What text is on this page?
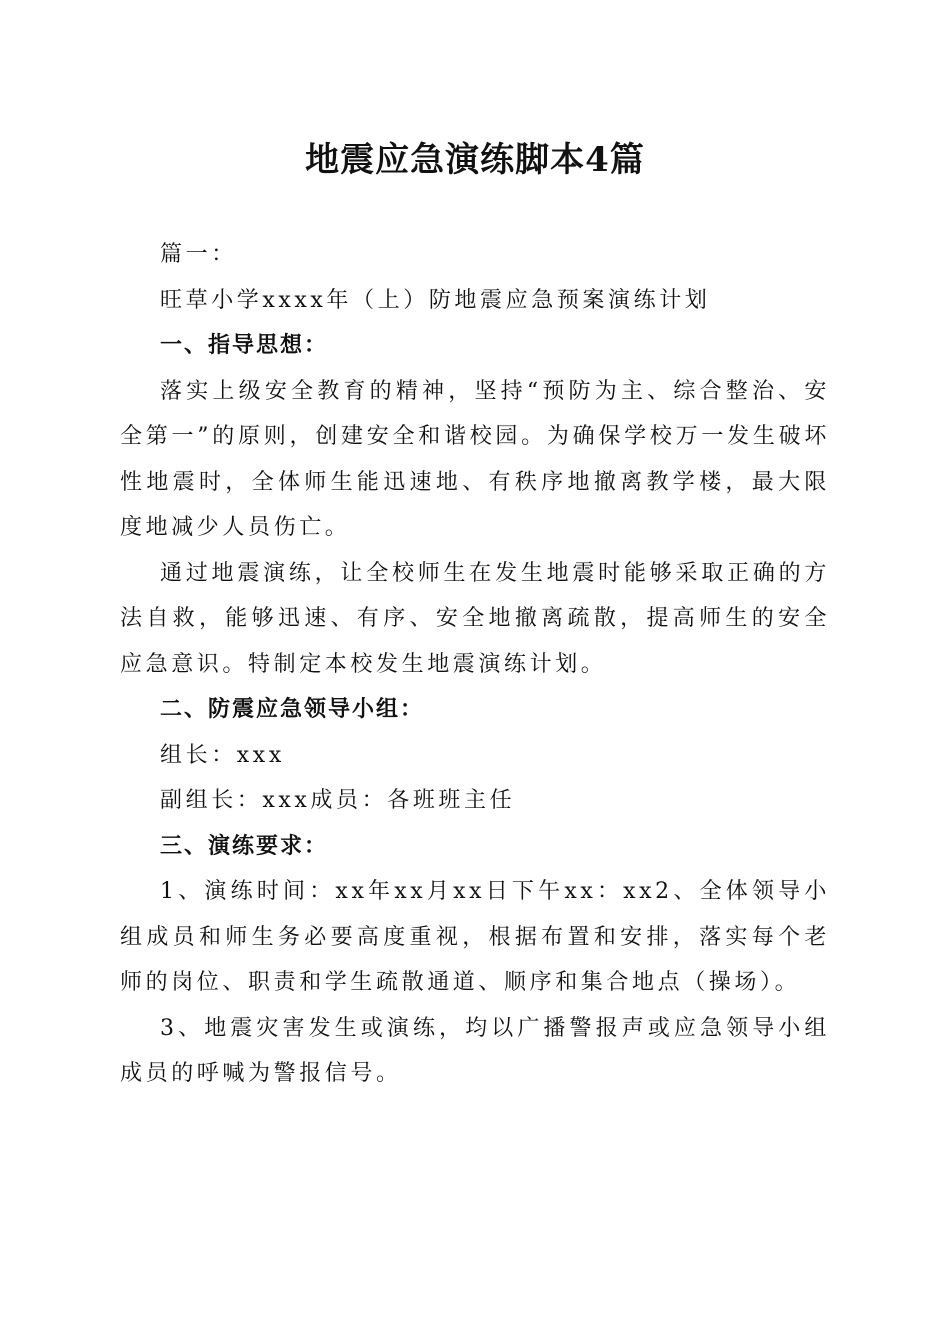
地震应急演练脚本4篇

篇一：

旺草小学xxxx年（上）防地震应急预案演练计划

一、指导思想：

落实上级安全教育的精神，坚持“预防为主、综合整治、安全第一”的原则，创建安全和谐校园。为确保学校万一发生破坏性地震时，全体师生能迅速地、有秩序地撤离教学楼，最大限度地减少人员伤亡。

通过地震演练，让全校师生在发生地震时能够采取正确的方法自救，能够迅速、有序、安全地撤离疏散，提高师生的安全应急意识。特制定本校发生地震演练计划。

二、防震应急领导小组：

组长：xxx

副组长：xxx成员：各班班主任

三、演练要求：

1、演练时间：xx年xx月xx日下午xx：xx2、全体领导小组成员和师生务必要高度重视，根据布置和安排，落实每个老师的岗位、职责和学生疏散通道、顺序和集合地点（操场）。

3、地震灾害发生或演练，均以广播警报声或应急领导小组成员的呼喊为警报信号。
